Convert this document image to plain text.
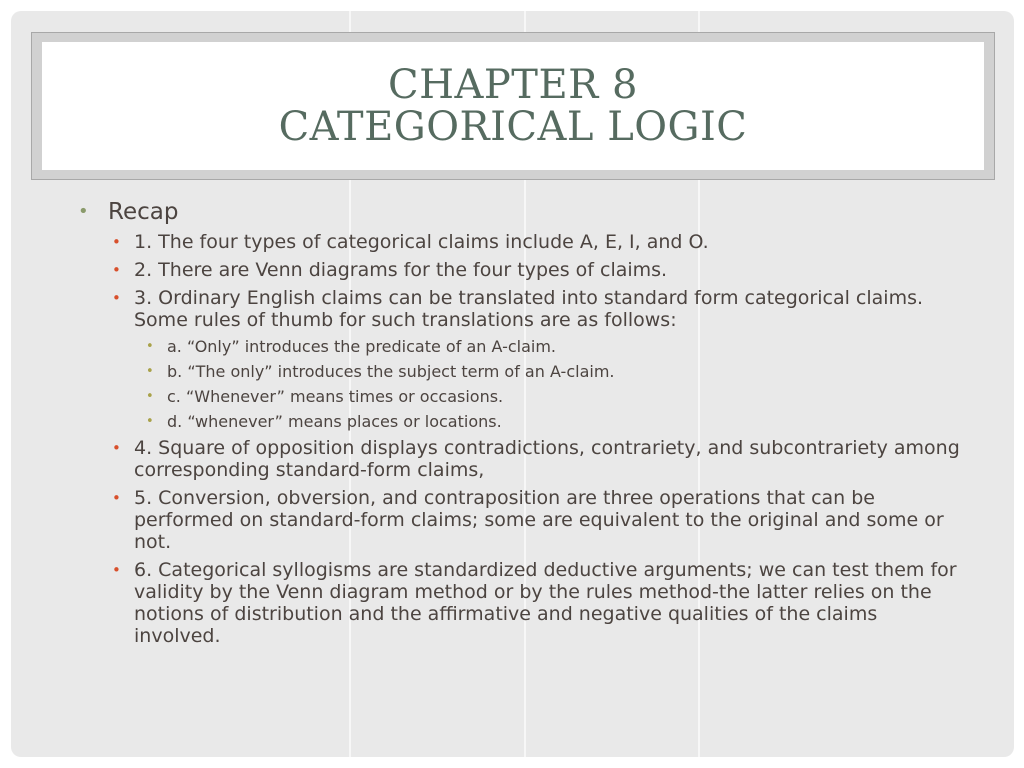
CHAPTER 8
CATEGORICAL LOGIC
• Recap
• 1. The four types of categorical claims include A, E, I, and O.
• 2. There are Venn diagrams for the four types of claims.
• 3. Ordinary English claims can be translated into standard form categorical claims. Some rules of thumb for such translations are as follows:
• a. “Only” introduces the predicate of an A-claim.
• b. “The only” introduces the subject term of an A-claim.
• c. “Whenever” means times or occasions.
• d. “whenever” means places or locations.
• 4. Square of opposition displays contradictions, contrariety, and subcontrariety among corresponding standard-form claims,
• 5. Conversion, obversion, and contraposition are three operations that can be performed on standard-form claims; some are equivalent to the original and some or not.
• 6. Categorical syllogisms are standardized deductive arguments; we can test them for validity by the Venn diagram method or by the rules method-the latter relies on the notions of distribution and the affirmative and negative qualities of the claims involved.
